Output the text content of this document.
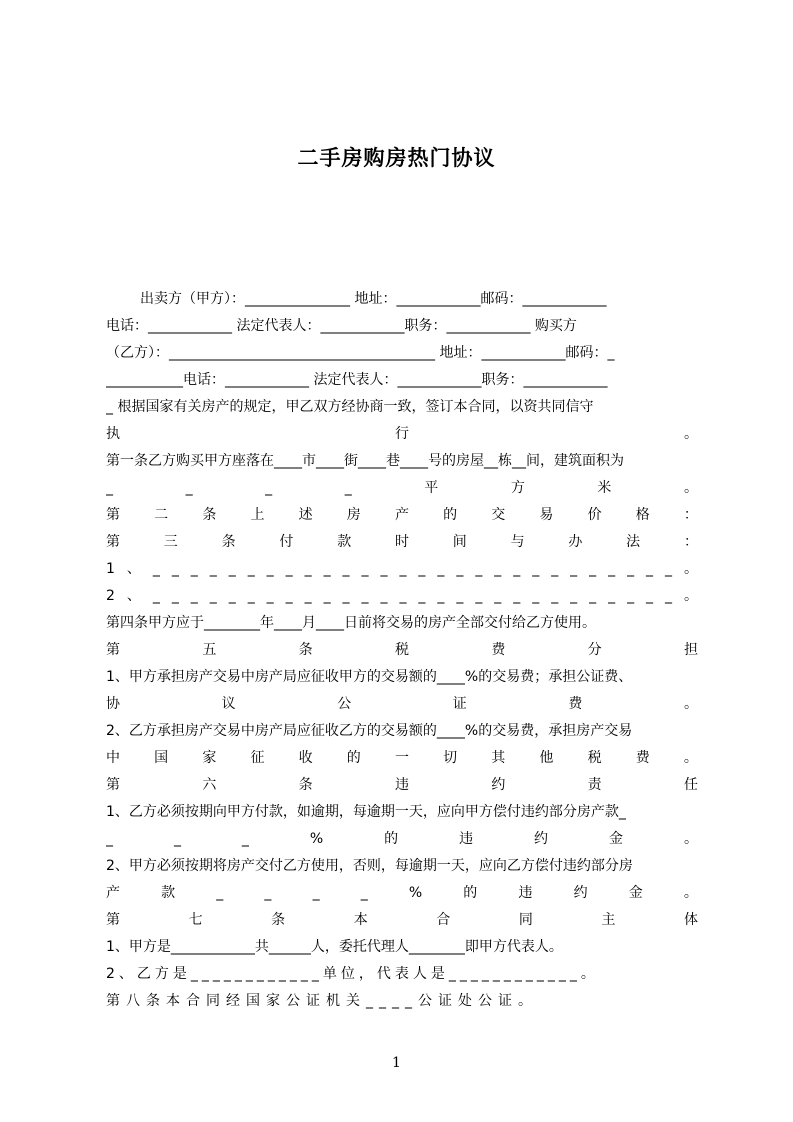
二手房购房热门协议
出卖方（甲方）：_______________ 地址：____________邮码：____________
电话：____________ 法定代表人：____________职务：____________ 购买方
（乙方）：______________________________________ 地址：____________邮码：_
___________电话：____________ 法定代表人：____________职务：____________
_ 根据国家有关房产的规定，甲乙双方经协商一致，签订本合同，以资共同信守
执	行	。
第一条乙方购买甲方座落在____市____街____巷____号的房屋__栋__间，建筑面积为
_	_	_	_	平	方	米	。
第 二 条 上 述 房 产 的 交 易 价 格 ：
第	三	条	付	款	时	间	与	办	法	：
1 、 _ _ _ _ _ _ _ _ _ _ _ _ _ _ _ _ _ _ _ _ _ _ _ _ _ _ _ _ 。
2 、 _ _ _ _ _ _ _ _ _ _ _ _ _ _ _ _ _ _ _ _ _ _ _ _ _ _ _ _ 。
第四条甲方应于________年____月____日前将交易的房产全部交付给乙方使用。
第	五	条	税	费	分	担
1、甲方承担房产交易中房产局应征收甲方的交易额的____%的交易费；承担公证费、
协	议	公	证	费	。
2、乙方承担房产交易中房产局应征收乙方的交易额的____%的交易费，承担房产交易
中 国 家 征 收 的 一 切 其 他 税 费 。
第	六	条	违	约	责	任
1、乙方必须按期向甲方付款，如逾期，每逾期一天，应向甲方偿付违约部分房产款_
_	_	_	%	的	违	约	金	。
2、甲方必须按期将房产交付乙方使用，否则，每逾期一天，应向乙方偿付违约部分房
产	款	_	_	_	_	%	的	违	约	金	。
第	七	条	本	合	同	主	体
1、甲方是____________共______人，委托代理人________即甲方代表人。
2、乙方是____________单位，代表人是____________。
第八条本合同经国家公证机关____公证处公证。
1
